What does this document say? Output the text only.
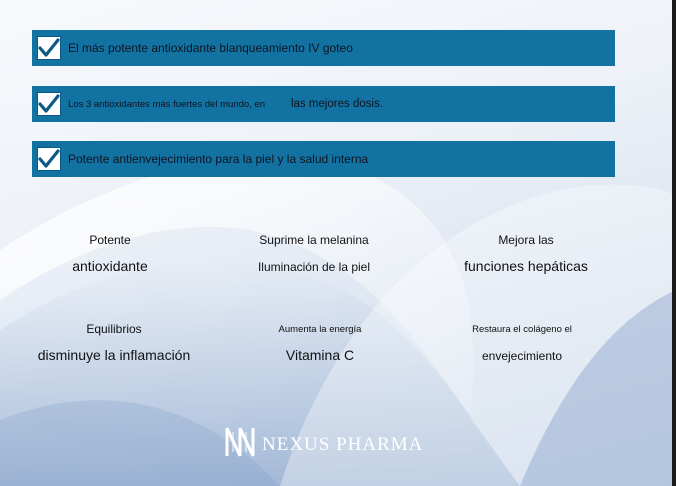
El más potente antioxidante blanqueamiento IV goteo
Los 3 antioxidantes más fuertes del mundo, en las mejores dosis.
Potente antienvejecimiento para la piel y la salud interna
Potente
antioxidante
Suprime la melanina
Iluminación de la piel
Mejora las
funciones hepáticas
Equilibrios
disminuye la inflamación
Aumenta la energía
Vitamina C
Restaura el colágeno el
envejecimiento
NEXUS PHARMA
